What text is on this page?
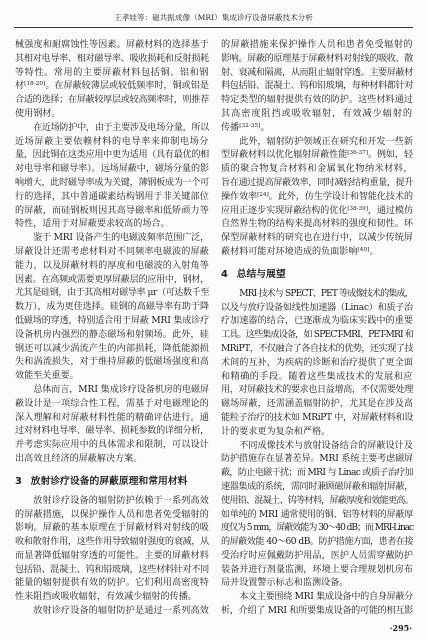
王孝娃等：磁共振成像（MRI）集成诊疗设备屏蔽技术分析
械强度和耐腐蚀性等因素。屏蔽材料的选择基于
其相对电导率、相对磁导率、吸收损耗和反射损耗
等特性。常用的主要屏蔽材料包括铜、铝和钢
材[18-20]。在屏蔽较薄层或较低频率时，铜或铝是
合适的选择；在屏蔽较厚层或较高频率时，则推荐
使用钢材。
在近场防护中，由于主要涉及电场分量，所以
近场屏蔽主要依赖材料的电导率来抑制电场分
量，因此铜在这类应用中更为适用（具有最优的相
对电导率和磁导率）。远场屏蔽中，磁场分量的影
响增大，此时磁导率成为关键，薄钢板成为一个可
行的选择，其中普通碳素结构钢用于非关键部位
的屏蔽，而硅钢板则因其高导磁率和低矫顽力等
特性，适用于对屏蔽要求较高的场合。
鉴于 MRI 设备产生的电磁波频率范围广泛，
屏蔽设计还需考虑材料对不同频率电磁波的屏蔽
能力，以及屏蔽材料的厚度和电磁波的入射角等
因素。在高频或需要更厚屏蔽层的应用中，钢材，
尤其是硅钢，由于其高相对磁导率 μr（可达数千至
数万），成为更佳选择。硅钢的高磁导率有助于降
低磁场的穿透，特别适合用于屏蔽 MRI 集成诊疗
设备机房内强烈的静态磁场和射频场。此外，硅
钢还可以减少涡流产生的内部损耗，降低能源损
失和涡流损失，对于维持屏蔽的低磁场强度和高
效能至关重要。
总体而言，MRI 集成诊疗设备机房的电磁屏
蔽设计是一项综合性工程，需基于对电磁理论的
深入理解和对屏蔽材料性能的精确评估进行。通
过对材料电导率、磁导率、损耗参数的详细分析，
并考虑实际应用中的具体需求和限制，可以设计
出高效且经济的屏蔽解决方案。
3 放射诊疗设备的屏蔽原理和常用材料
放射诊疗设备的辐射防护依赖于一系列高效
的屏蔽措施，以保护操作人员和患者免受辐射的
影响。屏蔽的基本原理在于屏蔽材料对射线的吸
收和散射作用，这些作用导致辐射强度的衰减，从
而显著降低辐射穿透的可能性。主要的屏蔽材料
包括铅、混凝土、钨和铅玻璃，这些材料针对不同
能量的辐射提供有效的防护。它们利用高密度特
性来阻挡或吸收辐射，有效减少辐射的传播。
放射诊疗设备的辐射防护是通过一系列高效
的屏蔽措施来保护操作人员和患者免受辐射的
影响。屏蔽的原理基于屏蔽材料对射线的吸收、散
射、衰减和隔离，从而阻止辐射穿透。主要屏蔽材
料包括铅、混凝土、钨和铅玻璃，每种材料都针对
特定类型的辐射提供有效的防护。这些材料通过
其高密度阻挡或吸收辐射，有效减少辐射的
传播[32-35]。
此外，辐射防护领域正在研究和开发一些新
型屏蔽材料以优化辐射屏蔽性能[36-37]。例如，轻
质的聚合物复合材料和金属氧化物纳米材料，
旨在通过提高屏蔽效率，同时减轻结构重量，提升
操作效率[24]。此外，仿生学设计和智能化技术的
应用正逐步实现屏蔽结构的优化[38-39]，通过模仿
自然界生物的结构来提高材料的强度和韧性。环
保型屏蔽材料的研究也在进行中，以减少传统屏
蔽材料可能对环境造成的负面影响[40]。
4 总结与展望
MRI 技术与 SPECT、PET 等成像技术的集成，
以及与放疗设备如线性加速器（Linac）和质子治
疗加速器的结合，已逐渐成为临床实践中的重要
工具。这些集成设备，如 SPECT-MRI、PET-MRI 和
MRiPT，不仅融合了各自技术的优势，还实现了技
术间的互补，为疾病的诊断和治疗提供了更全面
和精确的手段。随着这些集成技术的发展和应
用，对屏蔽技术的要求也日益增高，不仅需要处理
磁场屏蔽，还需涵盖辐射防护，尤其是在涉及高
能粒子治疗的技术如 MRiPT 中，对屏蔽材料和设
计的要求更为复杂和严格。
不同成像技术与放射设备结合的屏蔽设计及
防护措施存在显著差异。MRI 系统主要考虑磁屏
蔽，防止电磁干扰；而 MRI 与 Linac 或质子治疗加
速器集成的系统，需同时兼顾磁屏蔽和辐射屏蔽，
使用铅、混凝土、钨等材料，屏蔽厚度和效能更高。
如单纯的 MRI 通常使用的铜、铝等材料的屏蔽厚
度仅为 5 mm，屏蔽效能为 30～40 dB；而 MRI-Linac
的屏蔽效能 40～60 dB。防护措施方面，患者在接
受治疗时应佩戴防护用品，医护人员需穿戴防护
装备并进行剂量监测，环境上要合理规划机房布
局并设置警示标志和监测设备。
本文主要围绕 MRI 集成设备中的自身屏蔽分
析，介绍了 MRI 和所要集成设备的可能的相互影
·295·
